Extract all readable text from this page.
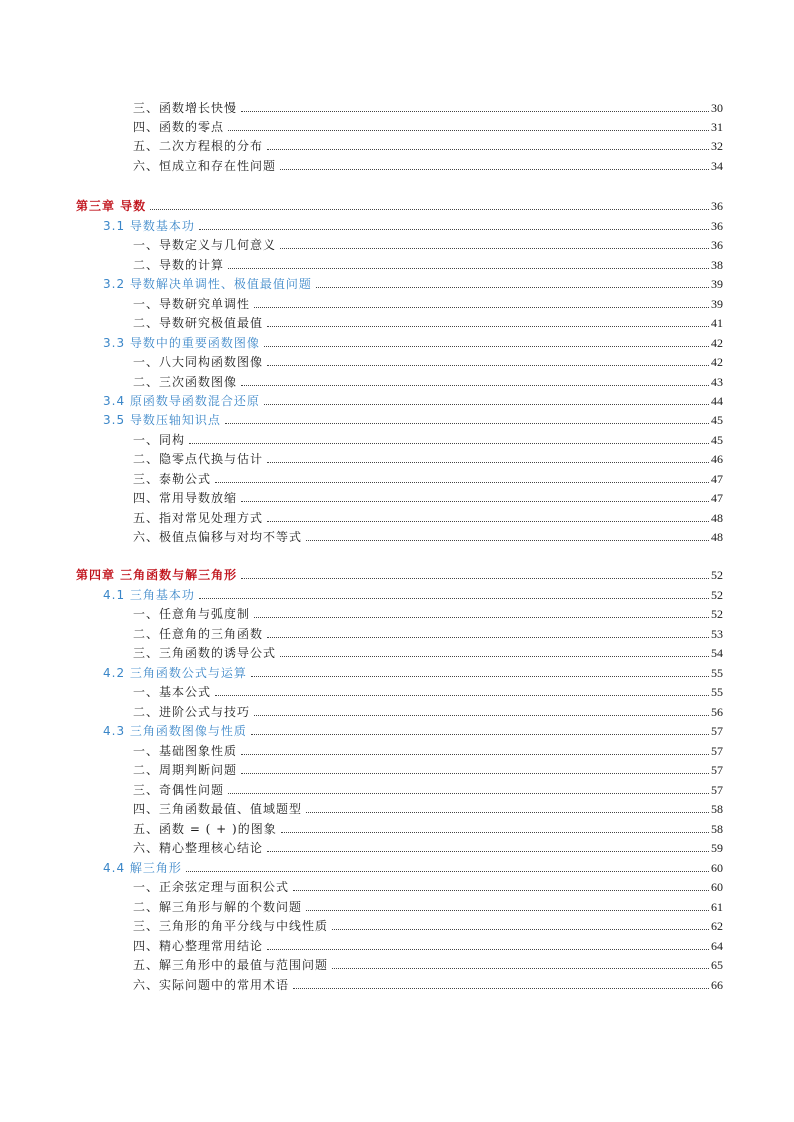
三、函数增长快慢	30
四、函数的零点	31
五、二次方程根的分布	32
六、恒成立和存在性问题	34
第三章 导数	36
3.1 导数基本功	36
一、导数定义与几何意义	36
二、导数的计算	38
3.2 导数解决单调性、极值最值问题	39
一、导数研究单调性	39
二、导数研究极值最值	41
3.3 导数中的重要函数图像	42
一、八大同构函数图像	42
二、三次函数图像	43
3.4 原函数导函数混合还原	44
3.5 导数压轴知识点	45
一、同构	45
二、隐零点代换与估计	46
三、泰勒公式	47
四、常用导数放缩	47
五、指对常见处理方式	48
六、极值点偏移与对均不等式	48
第四章 三角函数与解三角形	52
4.1 三角基本功	52
一、任意角与弧度制	52
二、任意角的三角函数	53
三、三角函数的诱导公式	54
4.2 三角函数公式与运算	55
一、基本公式	55
二、进阶公式与技巧	56
4.3 三角函数图像与性质	57
一、基础图象性质	57
二、周期判断问题	57
三、奇偶性问题	57
四、三角函数最值、值域题型	58
五、函数 = ( + )的图象	58
六、精心整理核心结论	59
4.4 解三角形	60
一、正余弦定理与面积公式	60
二、解三角形与解的个数问题	61
三、三角形的角平分线与中线性质	62
四、精心整理常用结论	64
五、解三角形中的最值与范围问题	65
六、实际问题中的常用术语	66
